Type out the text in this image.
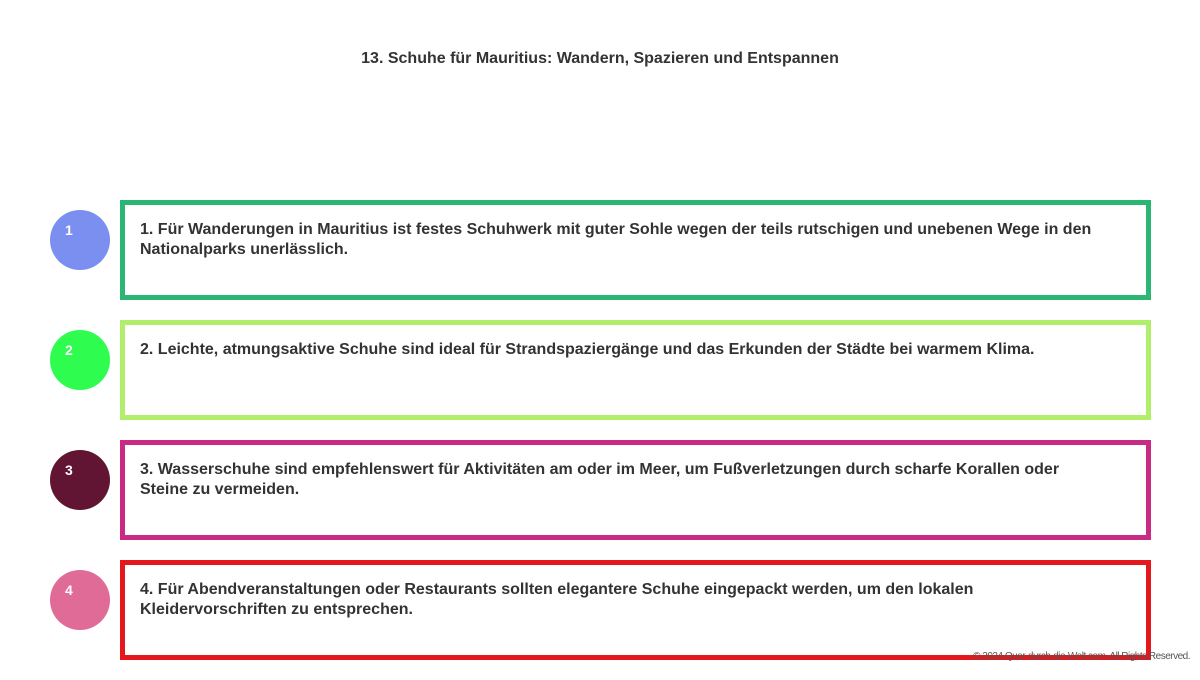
13. Schuhe für Mauritius: Wandern, Spazieren und Entspannen
1	1. Für Wanderungen in Mauritius ist festes Schuhwerk mit guter Sohle wegen der teils rutschigen und unebenen Wege in den Nationalparks unerlässlich.
2	2. Leichte, atmungsaktive Schuhe sind ideal für Strandspaziergänge und das Erkunden der Städte bei warmem Klima.
3	3. Wasserschuhe sind empfehlenswert für Aktivitäten am oder im Meer, um Fußverletzungen durch scharfe Korallen oder Steine zu vermeiden.
4	4. Für Abendveranstaltungen oder Restaurants sollten elegantere Schuhe eingepackt werden, um den lokalen Kleidervorschriften zu entsprechen.
© 2024 Quer-durch-die-Welt.com. All Rights Reserved.
